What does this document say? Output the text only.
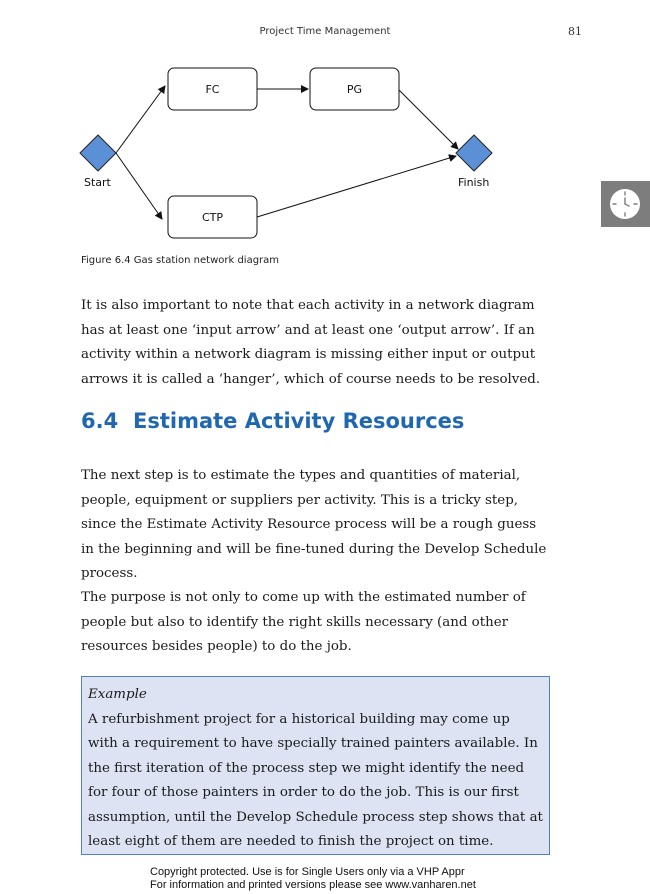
Project Time Management	81
FC	PG
CTP
Start	Finish
Figure 6.4 Gas station network diagram

It is also important to note that each activity in a network diagram has at least one ‘input arrow’ and at least one ‘output arrow’. If an activity within a network diagram is missing either input or output arrows it is called a ‘hanger’, which of course needs to be resolved.

6.4 Estimate Activity Resources

The next step is to estimate the types and quantities of material, people, equipment or suppliers per activity. This is a tricky step, since the Estimate Activity Resource process will be a rough guess in the beginning and will be fine-tuned during the Develop Schedule process.

The purpose is not only to come up with the estimated number of people but also to identify the right skills necessary (and other resources besides people) to do the job.

Example

A refurbishment project for a historical building may come up with a requirement to have specially trained painters available. In the first iteration of the process step we might identify the need for four of those painters in order to do the job. This is our first assumption, until the Develop Schedule process step shows that at least eight of them are needed to finish the project on time.

Copyright protected. Use is for Single Users only via a VHP Appr
For information and printed versions please see www.vanharen.net
